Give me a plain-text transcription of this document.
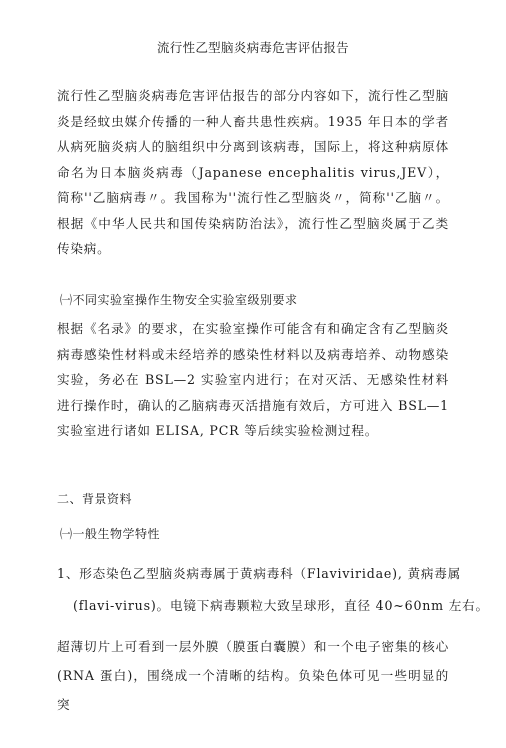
流行性乙型脑炎病毒危害评估报告

流行性乙型脑炎病毒危害评估报告的部分内容如下，流行性乙型脑炎是经蚊虫媒介传播的一种人畜共患性疾病。1935 年日本的学者从病死脑炎病人的脑组织中分离到该病毒，国际上，将这种病原体命名为日本脑炎病毒（Japanese encephalitis virus,JEV），简称''乙脑病毒〃。我国称为''流行性乙型脑炎〃，简称''乙脑〃。根据《中华人民共和国传染病防治法》，流行性乙型脑炎属于乙类传染病。

㈠不同实验室操作生物安全实验室级别要求

根据《名录》的要求，在实验室操作可能含有和确定含有乙型脑炎病毒感染性材料或未经培养的感染性材料以及病毒培养、动物感染实验，务必在 BSL—2 实验室内进行；在对灭活、无感染性材料进行操作时，确认的乙脑病毒灭活措施有效后，方可进入 BSL—1 实验室进行诸如 ELISA, PCR 等后续实验检测过程。

二、背景资料

㈠一般生物学特性

1、形态染色乙型脑炎病毒属于黄病毒科（Flaviviridae), 黄病毒属
(flavi-virus)。电镜下病毒颗粒大致呈球形，直径 40~60nm 左右。

超薄切片上可看到一层外膜（膜蛋白囊膜）和一个电子密集的核心(RNA 蛋白)，围绕成一个清晰的结构。负染色体可见一些明显的突
